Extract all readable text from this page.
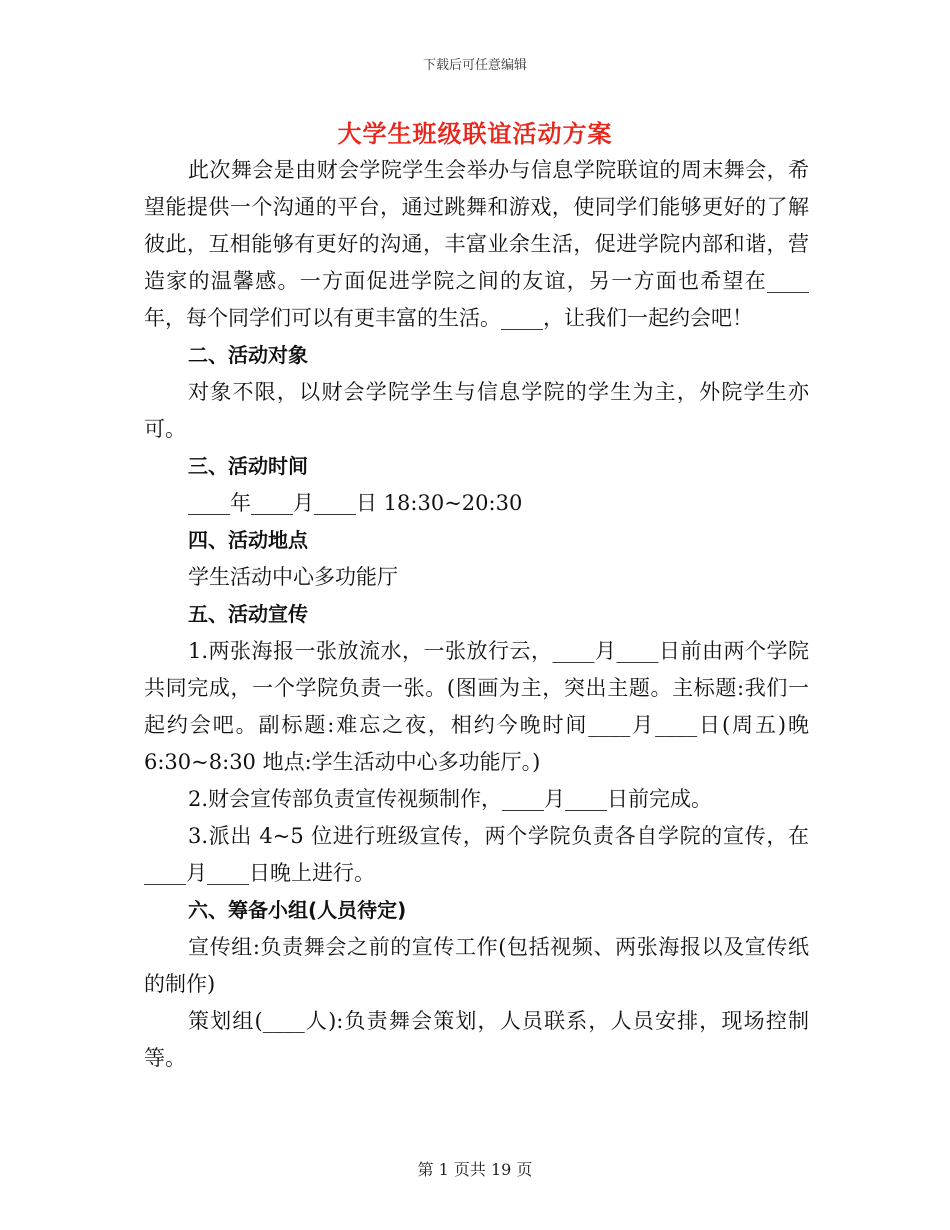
下载后可任意编辑
大学生班级联谊活动方案

此次舞会是由财会学院学生会举办与信息学院联谊的周末舞会，希望能提供一个沟通的平台，通过跳舞和游戏，使同学们能够更好的了解彼此，互相能够有更好的沟通，丰富业余生活，促进学院内部和谐，营造家的温馨感。一方面促进学院之间的友谊，另一方面也希望在____年，每个同学们可以有更丰富的生活。____，让我们一起约会吧！

二、活动对象

对象不限，以财会学院学生与信息学院的学生为主，外院学生亦可。

三、活动时间

____年____月____日 18:30~20:30

四、活动地点

学生活动中心多功能厅

五、活动宣传

1.两张海报一张放流水，一张放行云，____月____日前由两个学院共同完成，一个学院负责一张。(图画为主，突出主题。主标题:我们一起约会吧。副标题:难忘之夜，相约今晚时间____月____日(周五)晚 6:30~8:30 地点:学生活动中心多功能厅。)

2.财会宣传部负责宣传视频制作，____月____日前完成。

3.派出 4~5 位进行班级宣传，两个学院负责各自学院的宣传，在____月____日晚上进行。

六、筹备小组(人员待定)

宣传组:负责舞会之前的宣传工作(包括视频、两张海报以及宣传纸的制作)

策划组(____人):负责舞会策划，人员联系，人员安排，现场控制等。

第 1 页共 19 页
